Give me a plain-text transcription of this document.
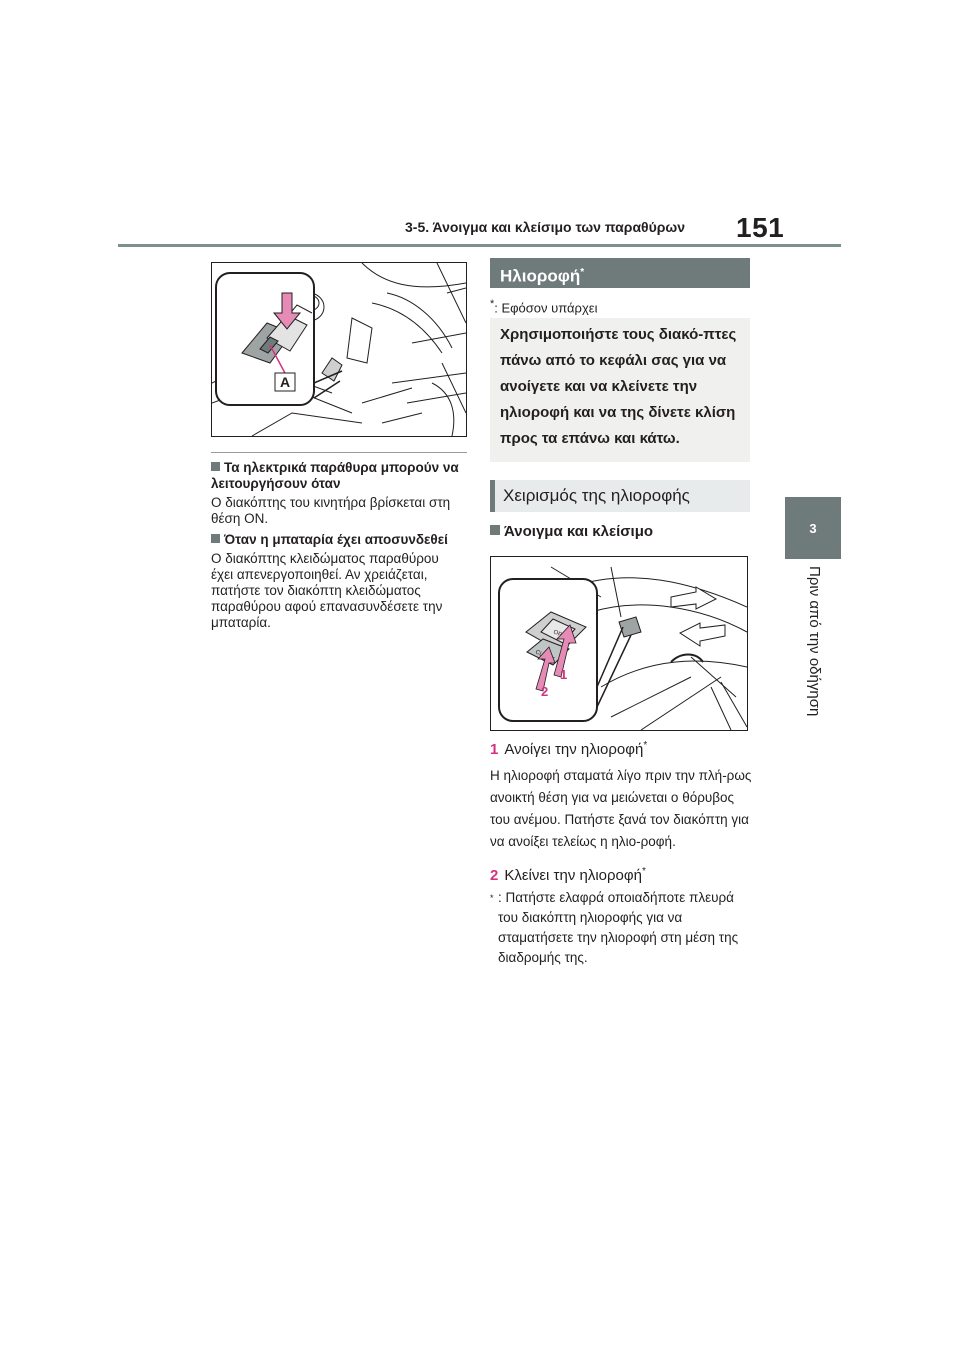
3-5. Άνοιγμα και κλείσιμο των παραθύρων 151
3
Πριν από την οδήγηση
A
Τα ηλεκτρικά παράθυρα μπορούν να λειτουργήσουν όταν
Ο διακόπτης του κινητήρα βρίσκεται στη θέση ON.
Όταν η μπαταρία έχει αποσυνδεθεί
Ο διακόπτης κλειδώματος παραθύρου έχει απενεργοποιηθεί. Αν χρειάζεται, πατήστε τον διακόπτη κλειδώματος παραθύρου αφού επανασυνδέσετε την μπαταρία.
Ηλιοροφή*
*: Εφόσον υπάρχει
Χρησιμοποιήστε τους διακό-πτες πάνω από το κεφάλι σας για να ανοίγετε και να κλείνετε την ηλιοροφή και να της δίνετε κλίση προς τα επάνω και κάτω.
Χειρισμός της ηλιοροφής
Άνοιγμα και κλείσιμο
1
2
1 Ανοίγει την ηλιοροφή*
Η ηλιοροφή σταματά λίγο πριν την πλή-ρως ανοικτή θέση για να μειώνεται ο θόρυβος του ανέμου. Πατήστε ξανά τον διακόπτη για να ανοίξει τελείως η ηλιο-ροφή.
2 Κλείνει την ηλιοροφή*
* : Πατήστε ελαφρά οποιαδήποτε πλευρά του διακόπτη ηλιοροφής για να σταματήσετε την ηλιοροφή στη μέση της διαδρομής της.
